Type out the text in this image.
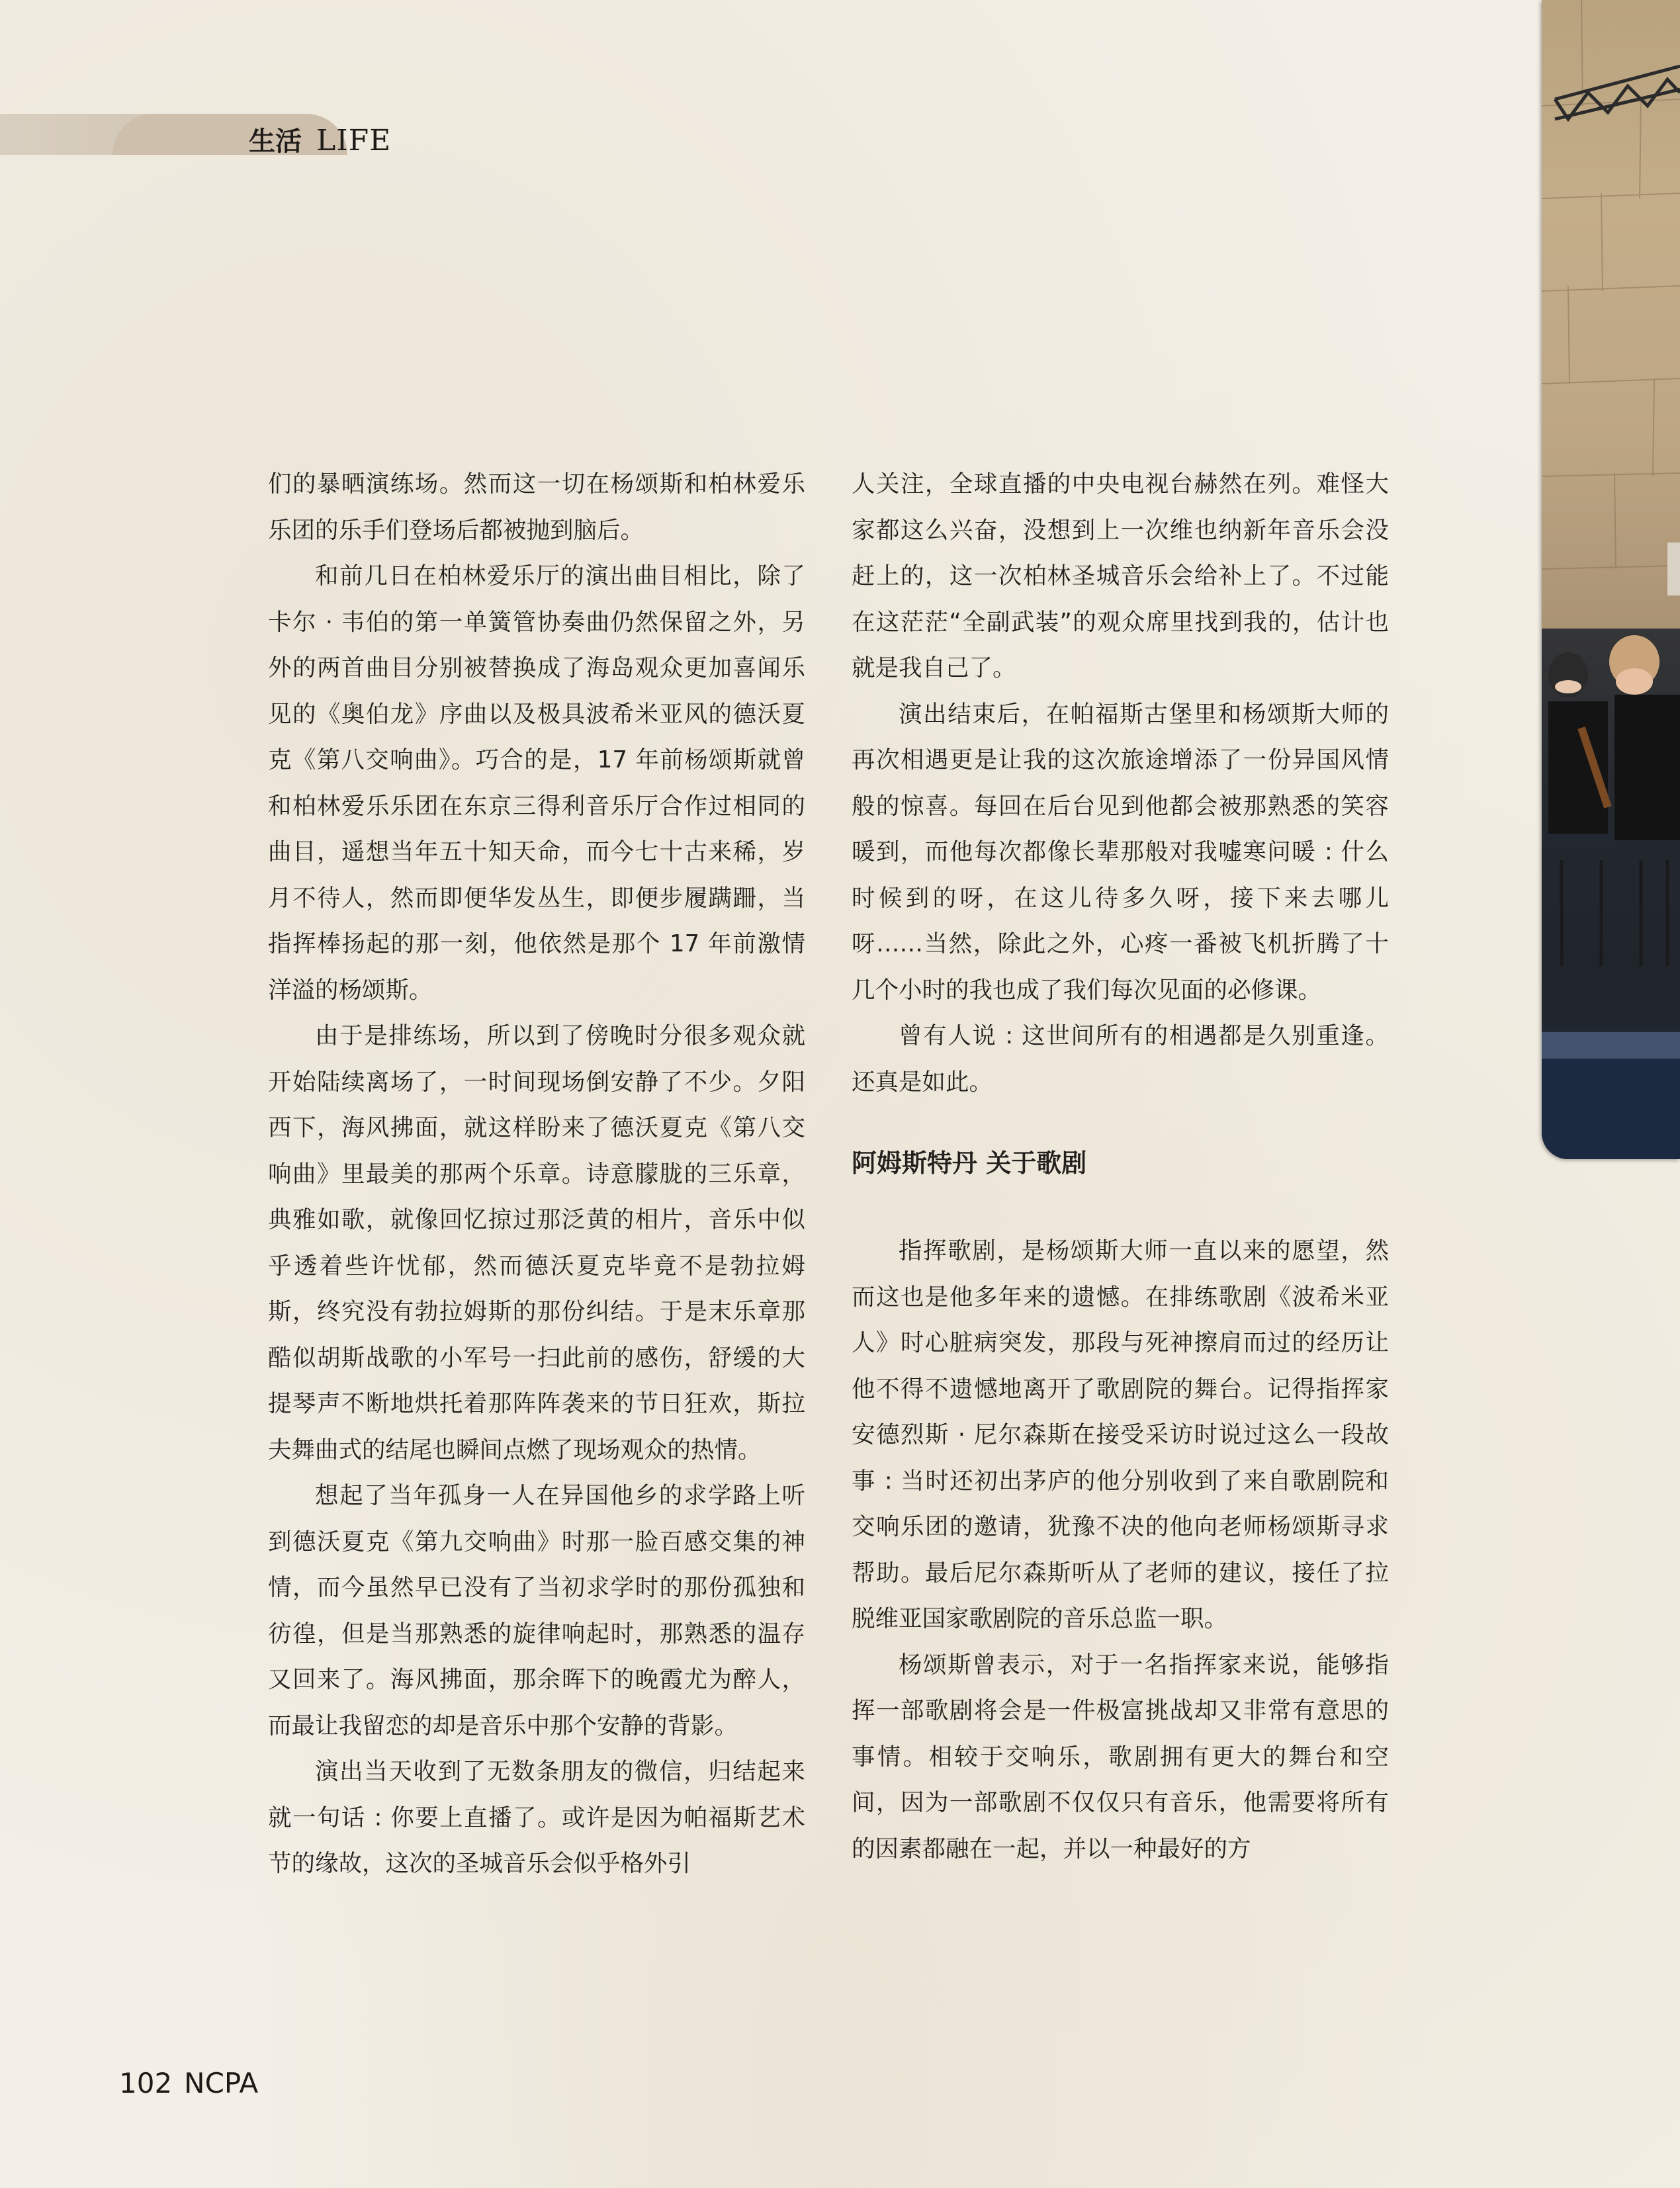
生活 LIFE

们的暴晒演练场。然而这一切在杨颂斯和柏林爱乐乐团的乐手们登场后都被抛到脑后。

和前几日在柏林爱乐厅的演出曲目相比，除了卡尔 · 韦伯的第一单簧管协奏曲仍然保留之外，另外的两首曲目分别被替换成了海岛观众更加喜闻乐见的《奥伯龙》序曲以及极具波希米亚风的德沃夏克《第八交响曲》。巧合的是，17 年前杨颂斯就曾和柏林爱乐乐团在东京三得利音乐厅合作过相同的曲目，遥想当年五十知天命，而今七十古来稀，岁月不待人，然而即便华发丛生，即便步履蹒跚，当指挥棒扬起的那一刻，他依然是那个 17 年前激情洋溢的杨颂斯。

由于是排练场，所以到了傍晚时分很多观众就开始陆续离场了，一时间现场倒安静了不少。夕阳西下，海风拂面，就这样盼来了德沃夏克《第八交响曲》里最美的那两个乐章。诗意朦胧的三乐章，典雅如歌，就像回忆掠过那泛黄的相片，音乐中似乎透着些许忧郁，然而德沃夏克毕竟不是勃拉姆斯，终究没有勃拉姆斯的那份纠结。于是末乐章那酷似胡斯战歌的小军号一扫此前的感伤，舒缓的大提琴声不断地烘托着那阵阵袭来的节日狂欢，斯拉夫舞曲式的结尾也瞬间点燃了现场观众的热情。

想起了当年孤身一人在异国他乡的求学路上听到德沃夏克《第九交响曲》时那一脸百感交集的神情，而今虽然早已没有了当初求学时的那份孤独和彷徨，但是当那熟悉的旋律响起时，那熟悉的温存又回来了。海风拂面，那余晖下的晚霞尤为醉人，而最让我留恋的却是音乐中那个安静的背影。

演出当天收到了无数条朋友的微信，归结起来就一句话 : 你要上直播了。或许是因为帕福斯艺术节的缘故，这次的圣城音乐会似乎格外引

人关注，全球直播的中央电视台赫然在列。难怪大家都这么兴奋，没想到上一次维也纳新年音乐会没赶上的，这一次柏林圣城音乐会给补上了。不过能在这茫茫“全副武装”的观众席里找到我的，估计也就是我自己了。

演出结束后，在帕福斯古堡里和杨颂斯大师的再次相遇更是让我的这次旅途增添了一份异国风情般的惊喜。每回在后台见到他都会被那熟悉的笑容暖到，而他每次都像长辈那般对我嘘寒问暖 : 什么时候到的呀，在这儿待多久呀，接下来去哪儿呀……当然，除此之外，心疼一番被飞机折腾了十几个小时的我也成了我们每次见面的必修课。

曾有人说 : 这世间所有的相遇都是久别重逢。还真是如此。

阿姆斯特丹 关于歌剧

指挥歌剧，是杨颂斯大师一直以来的愿望，然而这也是他多年来的遗憾。在排练歌剧《波希米亚人》时心脏病突发，那段与死神擦肩而过的经历让他不得不遗憾地离开了歌剧院的舞台。记得指挥家安德烈斯 · 尼尔森斯在接受采访时说过这么一段故事 : 当时还初出茅庐的他分别收到了来自歌剧院和交响乐团的邀请，犹豫不决的他向老师杨颂斯寻求帮助。最后尼尔森斯听从了老师的建议，接任了拉脱维亚国家歌剧院的音乐总监一职。

杨颂斯曾表示，对于一名指挥家来说，能够指挥一部歌剧将会是一件极富挑战却又非常有意思的事情。相较于交响乐，歌剧拥有更大的舞台和空间，因为一部歌剧不仅仅只有音乐，他需要将所有的因素都融在一起，并以一种最好的方

102 NCPA
